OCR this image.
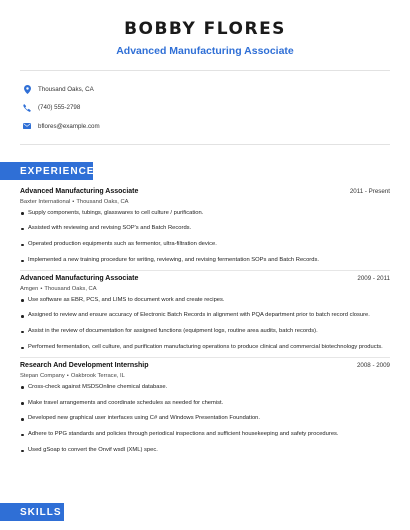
BOBBY FLORES
Advanced Manufacturing Associate
Thousand Oaks, CA
(740) 555-2798
bflores@example.com
EXPERIENCE
Advanced Manufacturing Associate	2011 - Present
Baxter International • Thousand Oaks, CA
Supply components, tubings, glasswares to cell culture / purification.
Assisted with reviewing and revising SOP's and Batch Records.
Operated production equipments such as fermentor, ultra-filtration device.
Implemented a new training procedure for writing, reviewing, and revising fermentation SOPs and Batch Records.
Advanced Manufacturing Associate	2009 - 2011
Amgen • Thousand Oaks, CA
Use software as EBR, PCS, and LIMS to document work and create recipes.
Assigned to review and ensure accuracy of Electronic Batch Records in alignment with PQA department prior to batch record closure.
Assist in the review of documentation for assigned functions (equipment logs, routine area audits, batch records).
Performed fermentation, cell culture, and purification manufacturing operations to produce clinical and commercial biotechnology products.
Research And Development Internship	2008 - 2009
Stepan Company • Oakbrook Terrace, IL
Cross-check against MSDSOnline chemical database.
Make travel arrangements and coordinate schedules as needed for chemist.
Developed new graphical user interfaces using C# and Windows Presentation Foundation.
Adhere to PPG standards and policies through periodical inspections and sufficient housekeeping and safety procedures.
Used gSoap to convert the Onvif wsdl (XML) spec.
SKILLS
